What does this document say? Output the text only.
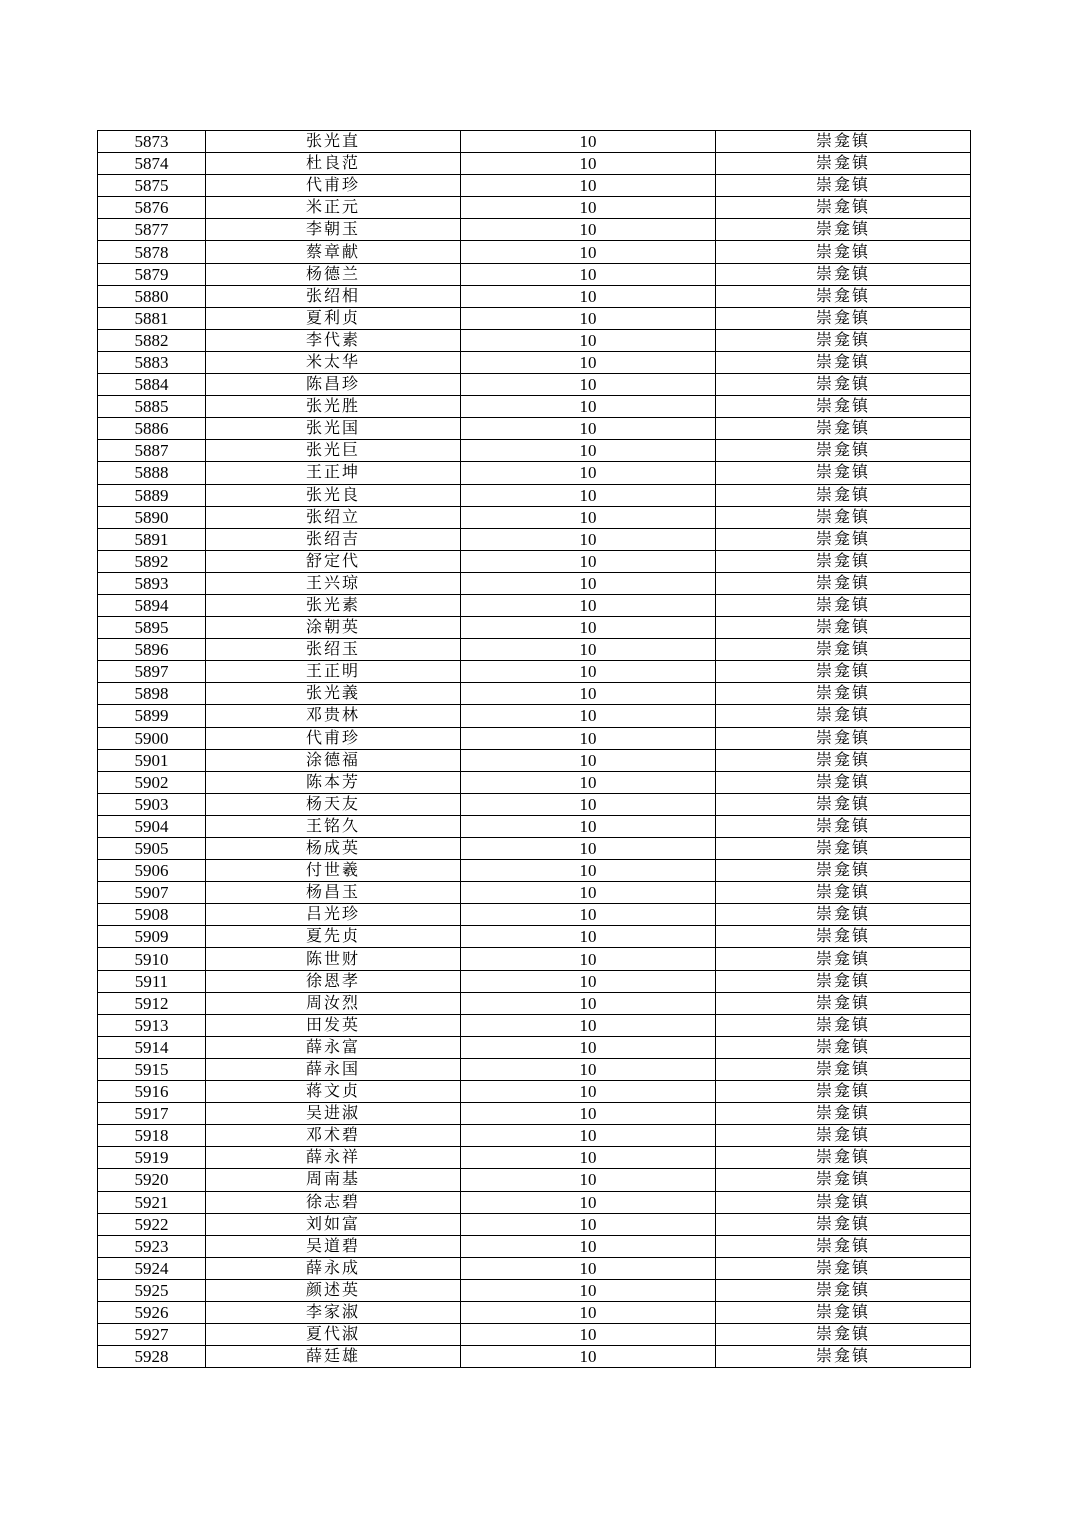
5873	张光直	10	崇龛镇
5874	杜良范	10	崇龛镇
5875	代甫珍	10	崇龛镇
5876	米正元	10	崇龛镇
5877	李朝玉	10	崇龛镇
5878	蔡章献	10	崇龛镇
5879	杨德兰	10	崇龛镇
5880	张绍相	10	崇龛镇
5881	夏利贞	10	崇龛镇
5882	李代素	10	崇龛镇
5883	米太华	10	崇龛镇
5884	陈昌珍	10	崇龛镇
5885	张光胜	10	崇龛镇
5886	张光国	10	崇龛镇
5887	张光巨	10	崇龛镇
5888	王正坤	10	崇龛镇
5889	张光良	10	崇龛镇
5890	张绍立	10	崇龛镇
5891	张绍吉	10	崇龛镇
5892	舒定代	10	崇龛镇
5893	王兴琼	10	崇龛镇
5894	张光素	10	崇龛镇
5895	涂朝英	10	崇龛镇
5896	张绍玉	10	崇龛镇
5897	王正明	10	崇龛镇
5898	张光義	10	崇龛镇
5899	邓贵林	10	崇龛镇
5900	代甫珍	10	崇龛镇
5901	涂德福	10	崇龛镇
5902	陈本芳	10	崇龛镇
5903	杨天友	10	崇龛镇
5904	王铭久	10	崇龛镇
5905	杨成英	10	崇龛镇
5906	付世羲	10	崇龛镇
5907	杨昌玉	10	崇龛镇
5908	吕光珍	10	崇龛镇
5909	夏先贞	10	崇龛镇
5910	陈世财	10	崇龛镇
5911	徐恩孝	10	崇龛镇
5912	周汝烈	10	崇龛镇
5913	田发英	10	崇龛镇
5914	薛永富	10	崇龛镇
5915	薛永国	10	崇龛镇
5916	蒋文贞	10	崇龛镇
5917	吴进淑	10	崇龛镇
5918	邓术碧	10	崇龛镇
5919	薛永祥	10	崇龛镇
5920	周南基	10	崇龛镇
5921	徐志碧	10	崇龛镇
5922	刘如富	10	崇龛镇
5923	吴道碧	10	崇龛镇
5924	薛永成	10	崇龛镇
5925	颜述英	10	崇龛镇
5926	李家淑	10	崇龛镇
5927	夏代淑	10	崇龛镇
5928	薛廷雄	10	崇龛镇
